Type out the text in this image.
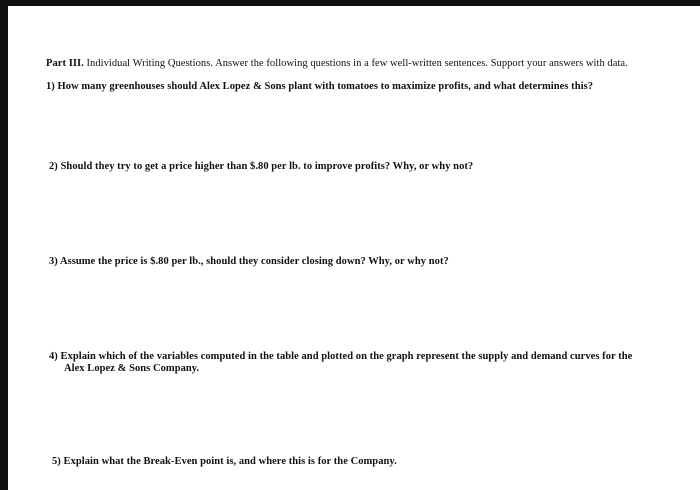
Part III. Individual Writing Questions. Answer the following questions in a few well-written sentences. Support your answers with data.
1) How many greenhouses should Alex Lopez & Sons plant with tomatoes to maximize profits, and what determines this?
2) Should they try to get a price higher than $.80 per lb. to improve profits? Why, or why not?
3) Assume the price is $.80 per lb., should they consider closing down? Why, or why not?
4) Explain which of the variables computed in the table and plotted on the graph represent the supply and demand curves for the
Alex Lopez & Sons Company.
5) Explain what the Break-Even point is, and where this is for the Company.
